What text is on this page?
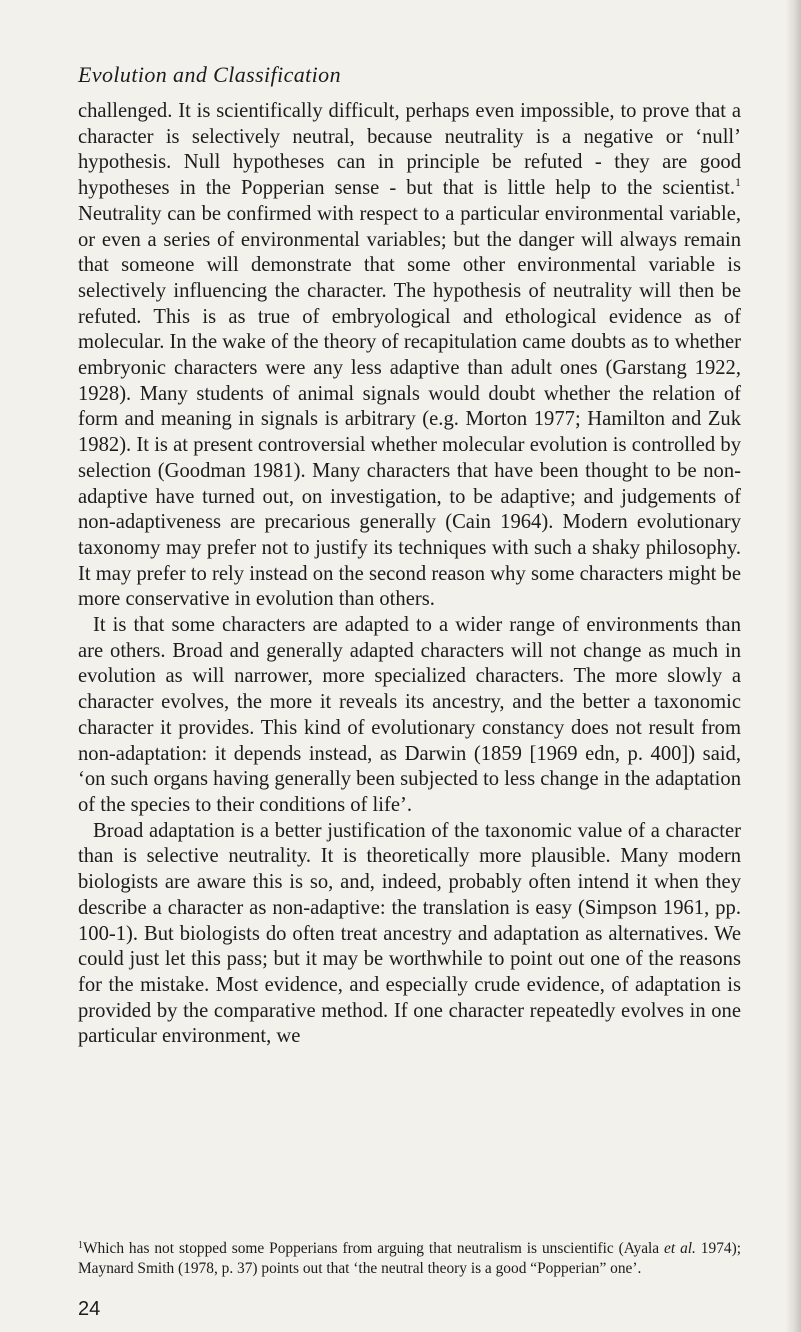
Evolution and Classification

challenged. It is scientifically difficult, perhaps even impossible, to prove that a character is selectively neutral, because neutrality is a negative or ‘null’ hypothesis. Null hypotheses can in principle be refuted - they are good hypotheses in the Popperian sense - but that is little help to the scientist.$^1$ Neutrality can be confirmed with respect to a particular environmental variable, or even a series of environmental variables; but the danger will always remain that someone will demonstrate that some other environmental variable is selectively influencing the character. The hypothesis of neutrality will then be refuted. This is as true of embryological and ethological evidence as of molecular. In the wake of the theory of recapitulation came doubts as to whether embryonic characters were any less adaptive than adult ones (Garstang 1922, 1928). Many students of animal signals would doubt whether the relation of form and meaning in signals is arbitrary (e.g. Morton 1977; Hamilton and Zuk 1982). It is at present controversial whether molecular evolution is controlled by selection (Goodman 1981). Many characters that have been thought to be non-adaptive have turned out, on investigation, to be adaptive; and judgements of non-adaptiveness are precarious generally (Cain 1964). Modern evolutionary taxonomy may prefer not to justify its techniques with such a shaky philosophy. It may prefer to rely instead on the second reason why some characters might be more conservative in evolution than others.

It is that some characters are adapted to a wider range of environments than are others. Broad and generally adapted characters will not change as much in evolution as will narrower, more specialized characters. The more slowly a character evolves, the more it reveals its ancestry, and the better a taxonomic character it provides. This kind of evolutionary constancy does not result from non-adaptation: it depends instead, as Darwin (1859 [1969 edn, p. 400]) said, ‘on such organs having generally been subjected to less change in the adaptation of the species to their conditions of life’.

Broad adaptation is a better justification of the taxonomic value of a character than is selective neutrality. It is theoretically more plausible. Many modern biologists are aware this is so, and, indeed, probably often intend it when they describe a character as non-adaptive: the translation is easy (Simpson 1961, pp. 100-1). But biologists do often treat ancestry and adaptation as alternatives. We could just let this pass; but it may be worthwhile to point out one of the reasons for the mistake. Most evidence, and especially crude evidence, of adaptation is provided by the comparative method. If one character repeatedly evolves in one particular environment, we

$^1$Which has not stopped some Popperians from arguing that neutralism is unscientific (Ayala et al. 1974); Maynard Smith (1978, p. 37) points out that ‘the neutral theory is a good “Popperian” one’.

24
